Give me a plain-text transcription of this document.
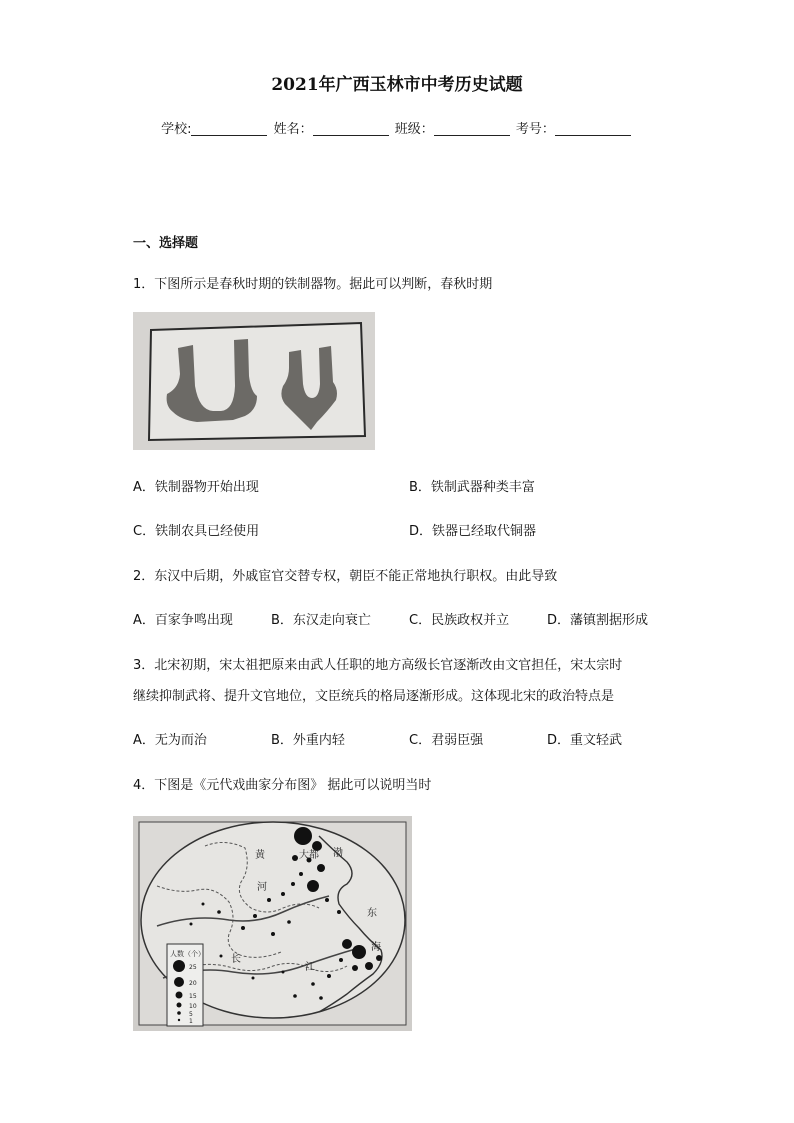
2021年广西玉林市中考历史试题
学校:	姓名：	班级：	考号：
一、选择题
1．下图所示是春秋时期的铁制器物。据此可以判断，春秋时期
A．铁制器物开始出现	B．铁制武器种类丰富
C．铁制农具已经使用	D．铁器已经取代铜器
2．东汉中后期，外戚宦官交替专权，朝臣不能正常地执行职权。由此导致
A．百家争鸣出现	B．东汉走向衰亡	C．民族政权并立	D．藩镇割据形成
3．北宋初期，宋太祖把原来由武人任职的地方高级长官逐渐改由文官担任，宋太宗时
继续抑制武将、提升文官地位，文臣统兵的格局逐渐形成。这体现北宋的政治特点是
A．无为而治	B．外重内轻	C．君弱臣强	D．重文轻武
4．下图是《元代戏曲家分布图》 据此可以说明当时
大都 渤
黄
河
东
海
长
江
人数（个）
25
20
15
10
5
1
